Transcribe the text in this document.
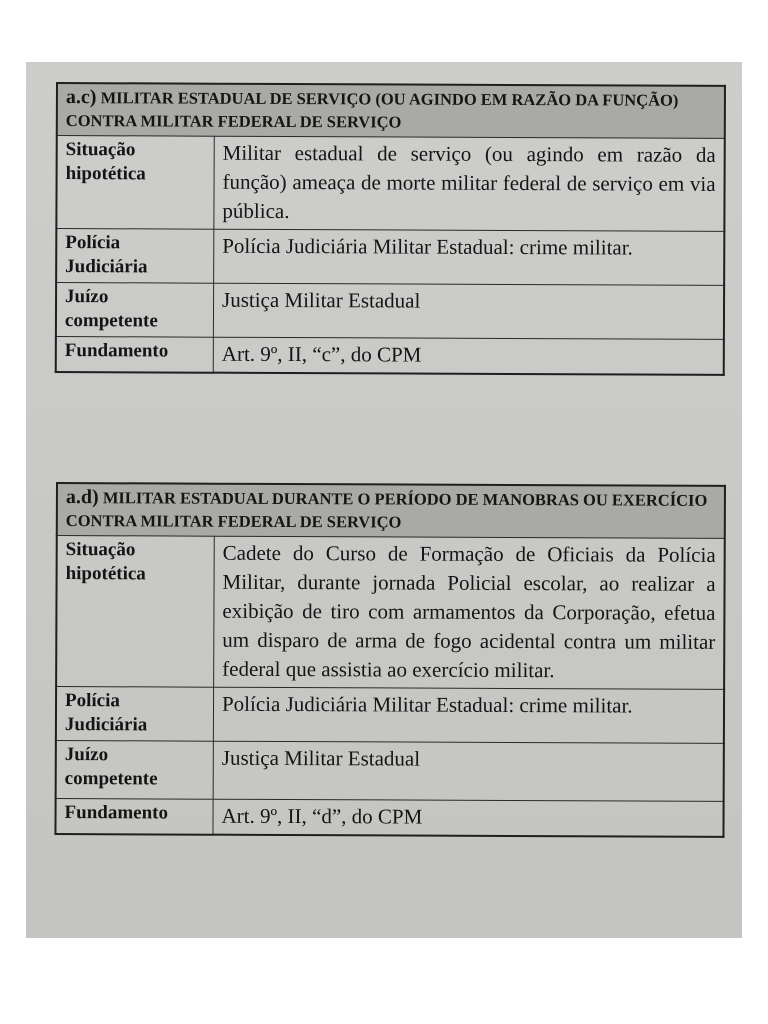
a.c) MILITAR ESTADUAL DE SERVIÇO (OU AGINDO EM RAZÃO DA FUNÇÃO) CONTRA MILITAR FEDERAL DE SERVIÇO	
Situação hipotética	Militar estadual de serviço (ou agindo em razão da função) ameaça de morte militar federal de serviço em via pública.
Polícia Judiciária	Polícia Judiciária Militar Estadual: crime militar.
Juízo competente	Justiça Militar Estadual
Fundamento	Art. 9º, II, “c”, do CPM
a.d) MILITAR ESTADUAL DURANTE O PERÍODO DE MANOBRAS OU EXERCÍCIO CONTRA MILITAR FEDERAL DE SERVIÇO	
Situação hipotética	Cadete do Curso de Formação de Oficiais da Polícia Militar, durante jornada Policial escolar, ao realizar a exibição de tiro com armamentos da Corporação, efetua um disparo de arma de fogo acidental contra um militar federal que assistia ao exercício militar.
Polícia Judiciária	Polícia Judiciária Militar Estadual: crime militar.
Juízo competente	Justiça Militar Estadual
Fundamento	Art. 9º, II, “d”, do CPM
